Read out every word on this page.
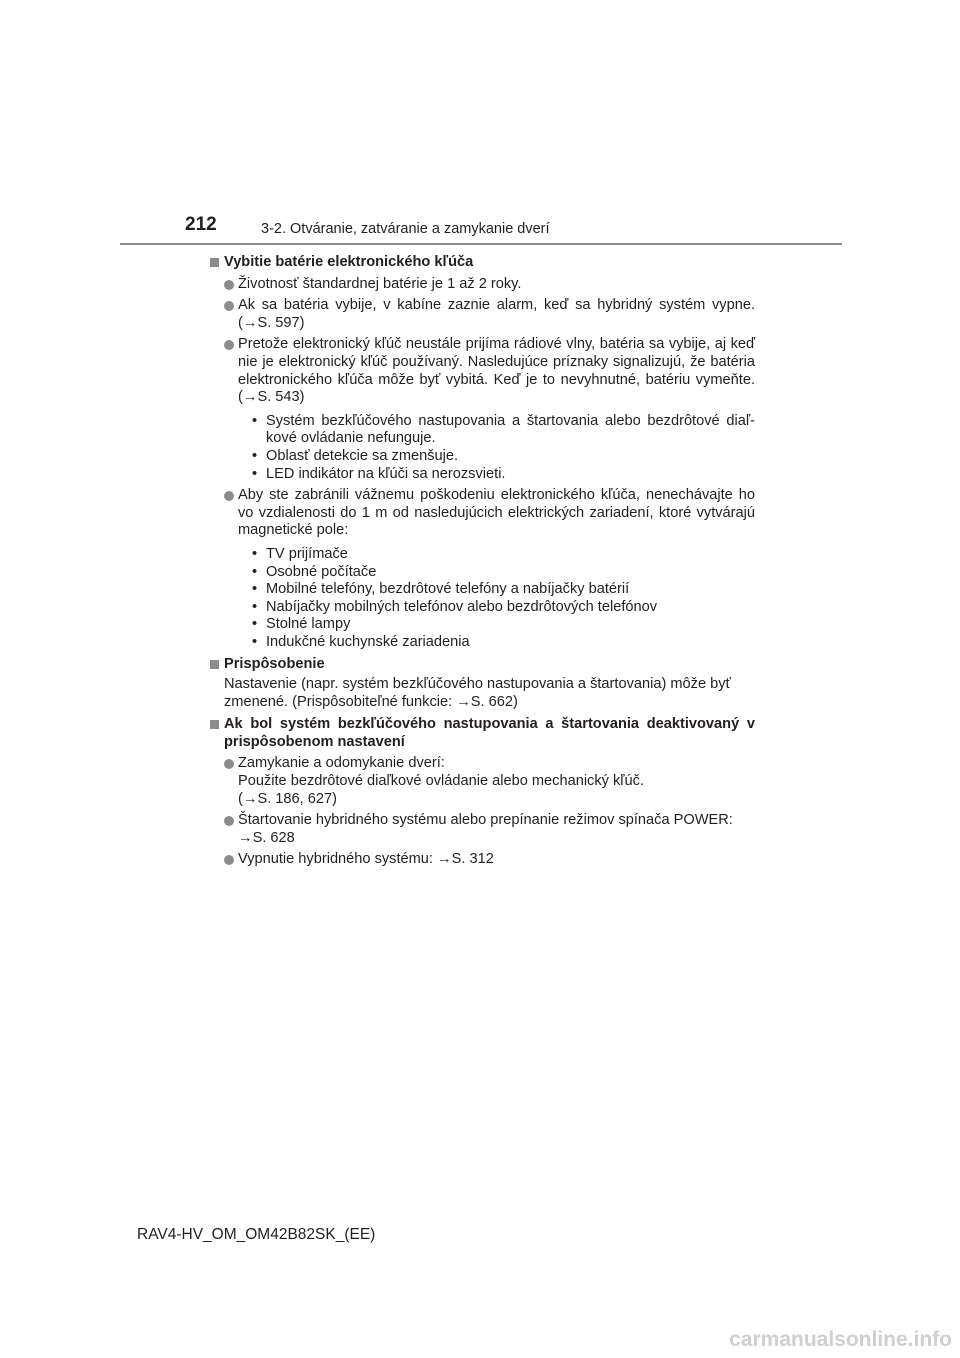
212	3-2. Otváranie, zatváranie a zamykanie dverí
Vybitie batérie elektronického kľúča
Životnosť štandardnej batérie je 1 až 2 roky.
Ak sa batéria vybije, v kabíne zaznie alarm, keď sa hybridný systém vypne. ( → S. 597)
Pretože elektronický kľúč neustále prijíma rádiové vlny, batéria sa vybije, aj keď nie je elektronický kľúč používaný. Nasledujúce príznaky signalizujú, že batéria elektronického kľúča môže byť vybitá. Keď je to nevyhnutné, batériu vymeňte. ( → S. 543)
• Systém bezkľúčového nastupovania a štartovania alebo bezdrôtové diaľkové ovládanie nefunguje.
• Oblasť detekcie sa zmenšuje.
• LED indikátor na kľúči sa nerozsvieti.
Aby ste zabránili vážnemu poškodeniu elektronického kľúča, nenechávajte ho vo vzdialenosti do 1 m od nasledujúcich elektrických zariadení, ktoré vytvárajú magnetické pole:
• TV prijímače
• Osobné počítače
• Mobilné telefóny, bezdrôtové telefóny a nabíjačky batérií
• Nabíjačky mobilných telefónov alebo bezdrôtových telefónov
• Stolné lampy
• Indukčné kuchynské zariadenia
Prispôsobenie
Nastavenie (napr. systém bezkľúčového nastupovania a štartovania) môže byť zmenené. (Prispôsobiteľné funkcie: → S. 662)
Ak bol systém bezkľúčového nastupovania a štartovania deaktivovaný v prispôsobenom nastavení
Zamykanie a odomykanie dverí:
Použite bezdrôtové diaľkové ovládanie alebo mechanický kľúč.
( → S. 186, 627)
Štartovanie hybridného systému alebo prepínanie režimov spínača POWER:
→ S. 628
Vypnutie hybridného systému: → S. 312
RAV4-HV_OM_OM42B82SK_(EE)
carmanualsonline.info
